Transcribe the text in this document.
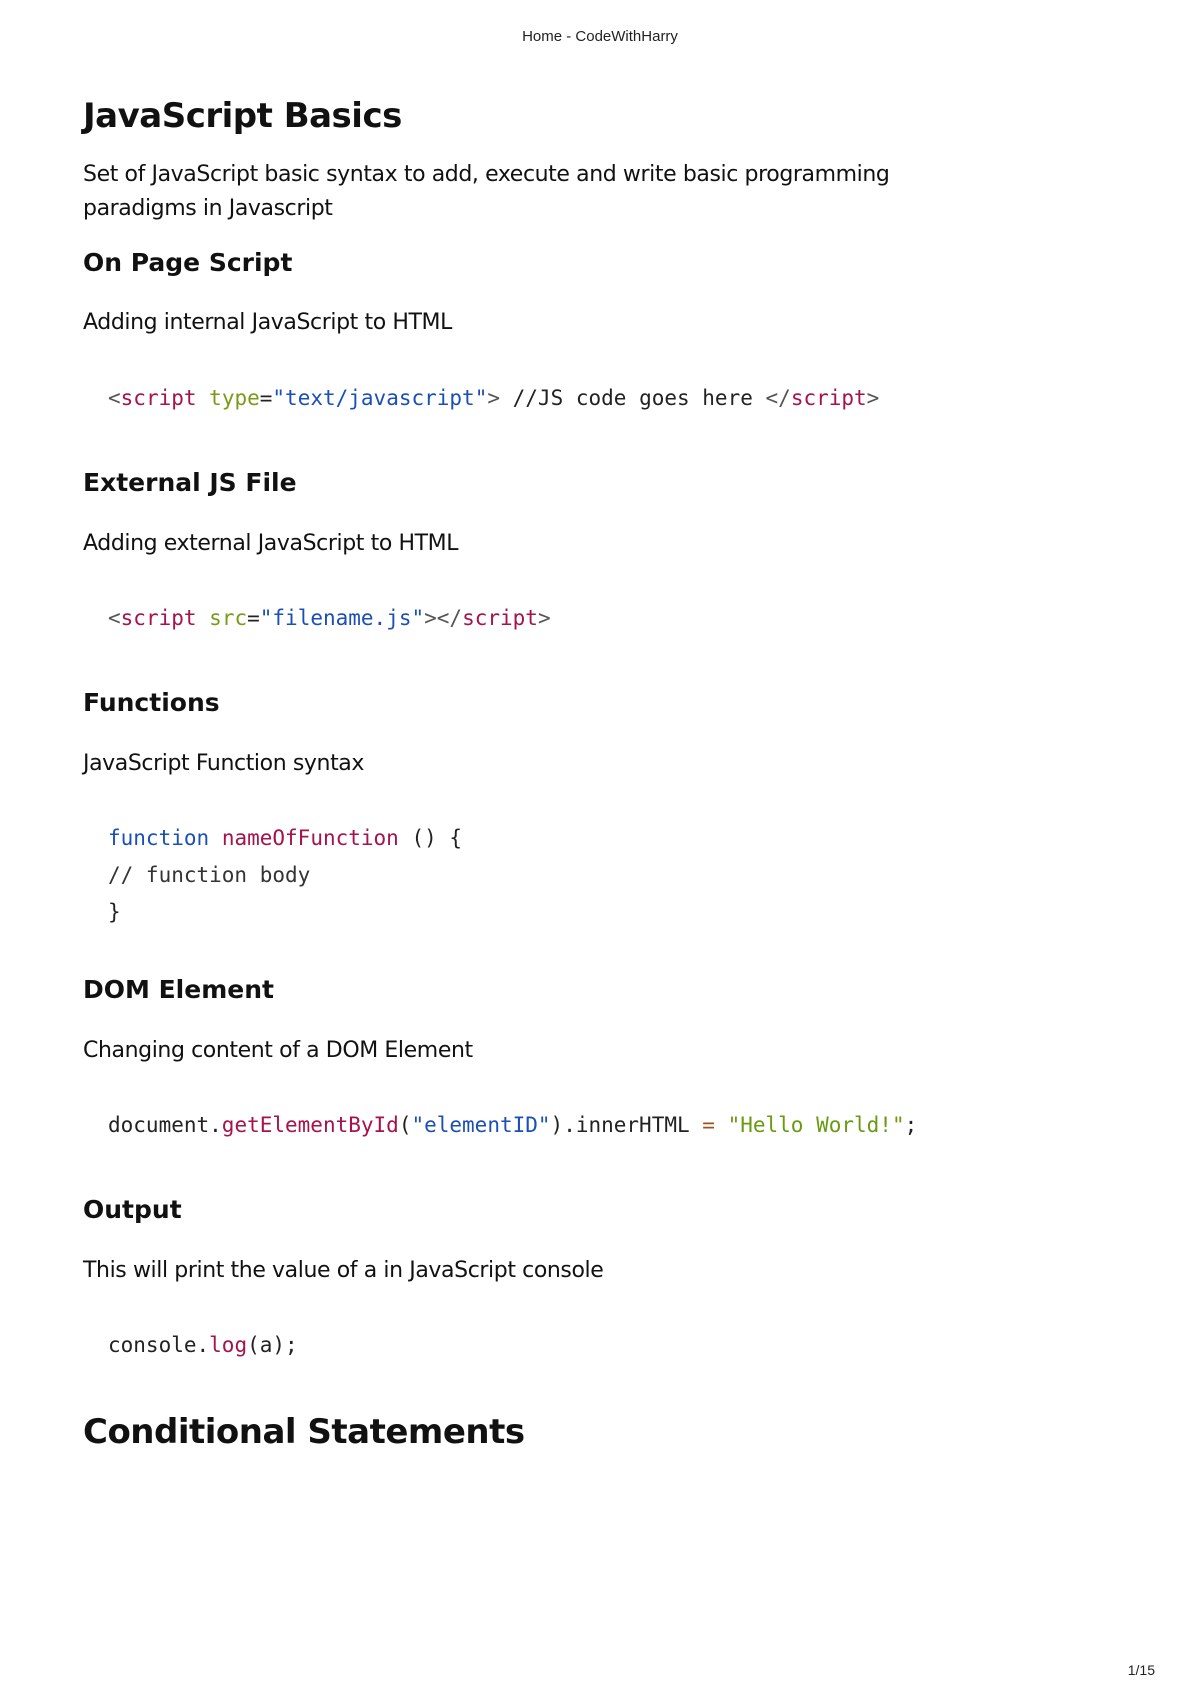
Home - CodeWithHarry
JavaScript Basics

Set of JavaScript basic syntax to add, execute and write basic programming paradigms in Javascript

On Page Script

Adding internal JavaScript to HTML

<script type="text/javascript"> //JS code goes here </script>
External JS File

Adding external JavaScript to HTML

<script src="filename.js"></script>
Functions

JavaScript Function syntax

function nameOfFunction () {
// function body
}
DOM Element

Changing content of a DOM Element

document.getElementById("elementID").innerHTML = "Hello World!";
Output

This will print the value of a in JavaScript console

console.log(a);
Conditional Statements
1/15
